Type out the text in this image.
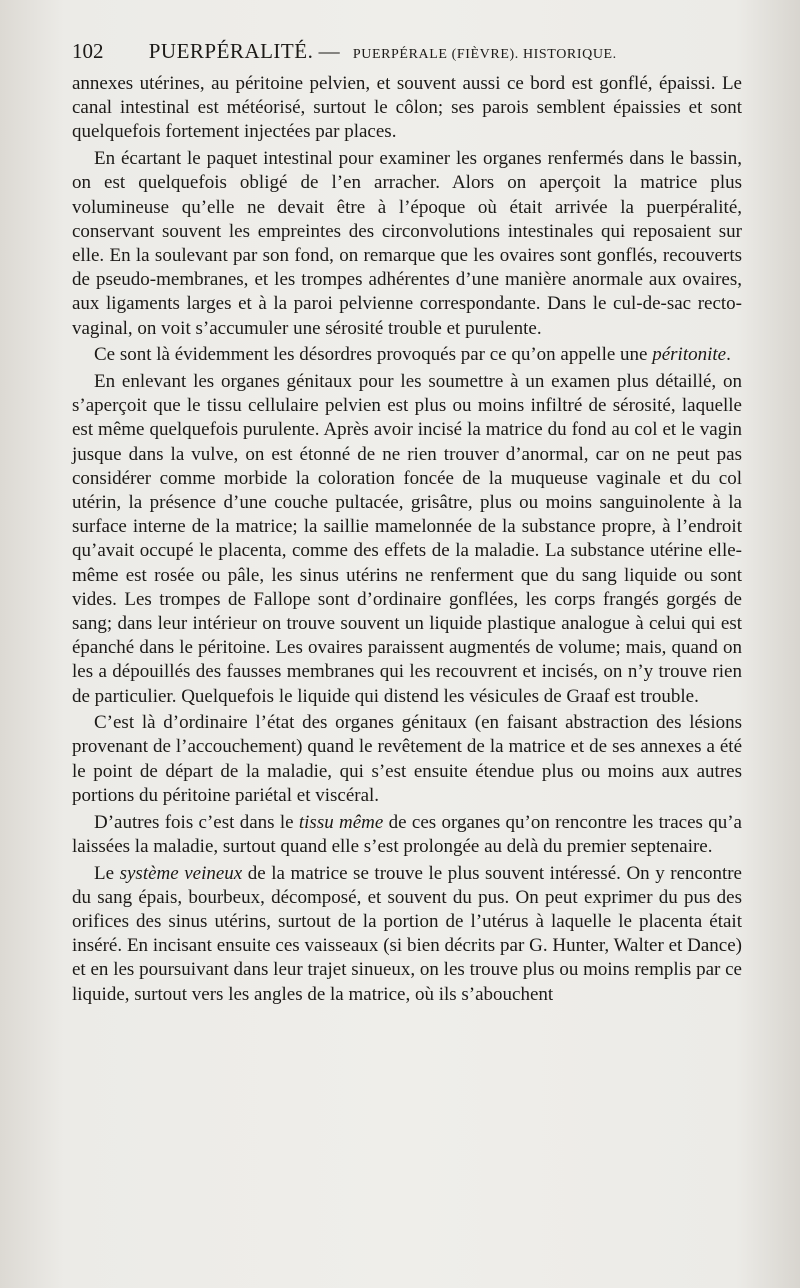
102 PUERPÉRALITÉ. — PUERPÉRALE (FIÈVRE). HISTORIQUE.

annexes utérines, au péritoine pelvien, et souvent aussi ce bord est gonflé, épaissi. Le canal intestinal est météorisé, surtout le côlon; ses parois semblent épaissies et sont quelquefois fortement injectées par places.

En écartant le paquet intestinal pour examiner les organes renfermés dans le bassin, on est quelquefois obligé de l’en arracher. Alors on aperçoit la matrice plus volumineuse qu’elle ne devait être à l’époque où était arrivée la puerpéralité, conservant souvent les empreintes des circonvolutions intestinales qui reposaient sur elle. En la soulevant par son fond, on remarque que les ovaires sont gonflés, recouverts de pseudo-membranes, et les trompes adhérentes d’une manière anormale aux ovaires, aux ligaments larges et à la paroi pelvienne correspondante. Dans le cul-de-sac recto-vaginal, on voit s’accumuler une sérosité trouble et purulente.

Ce sont là évidemment les désordres provoqués par ce qu’on appelle une péritonite.

En enlevant les organes génitaux pour les soumettre à un examen plus détaillé, on s’aperçoit que le tissu cellulaire pelvien est plus ou moins infiltré de sérosité, laquelle est même quelquefois purulente. Après avoir incisé la matrice du fond au col et le vagin jusque dans la vulve, on est étonné de ne rien trouver d’anormal, car on ne peut pas considérer comme morbide la coloration foncée de la muqueuse vaginale et du col utérin, la présence d’une couche pultacée, grisâtre, plus ou moins sanguinolente à la surface interne de la matrice; la saillie mamelonnée de la substance propre, à l’endroit qu’avait occupé le placenta, comme des effets de la maladie. La substance utérine elle-même est rosée ou pâle, les sinus utérins ne renferment que du sang liquide ou sont vides. Les trompes de Fallope sont d’ordinaire gonflées, les corps frangés gorgés de sang; dans leur intérieur on trouve souvent un liquide plastique analogue à celui qui est épanché dans le péritoine. Les ovaires paraissent augmentés de volume; mais, quand on les a dépouillés des fausses membranes qui les recouvrent et incisés, on n’y trouve rien de particulier. Quelquefois le liquide qui distend les vésicules de Graaf est trouble.

C’est là d’ordinaire l’état des organes génitaux (en faisant abstraction des lésions provenant de l’accouchement) quand le revêtement de la matrice et de ses annexes a été le point de départ de la maladie, qui s’est ensuite étendue plus ou moins aux autres portions du péritoine pariétal et viscéral.

D’autres fois c’est dans le tissu même de ces organes qu’on rencontre les traces qu’a laissées la maladie, surtout quand elle s’est prolongée au delà du premier septenaire.

Le système veineux de la matrice se trouve le plus souvent intéressé. On y rencontre du sang épais, bourbeux, décomposé, et souvent du pus. On peut exprimer du pus des orifices des sinus utérins, surtout de la portion de l’utérus à laquelle le placenta était inséré. En incisant ensuite ces vaisseaux (si bien décrits par G. Hunter, Walter et Dance) et en les poursuivant dans leur trajet sinueux, on les trouve plus ou moins remplis par ce liquide, surtout vers les angles de la matrice, où ils s’abouchent
